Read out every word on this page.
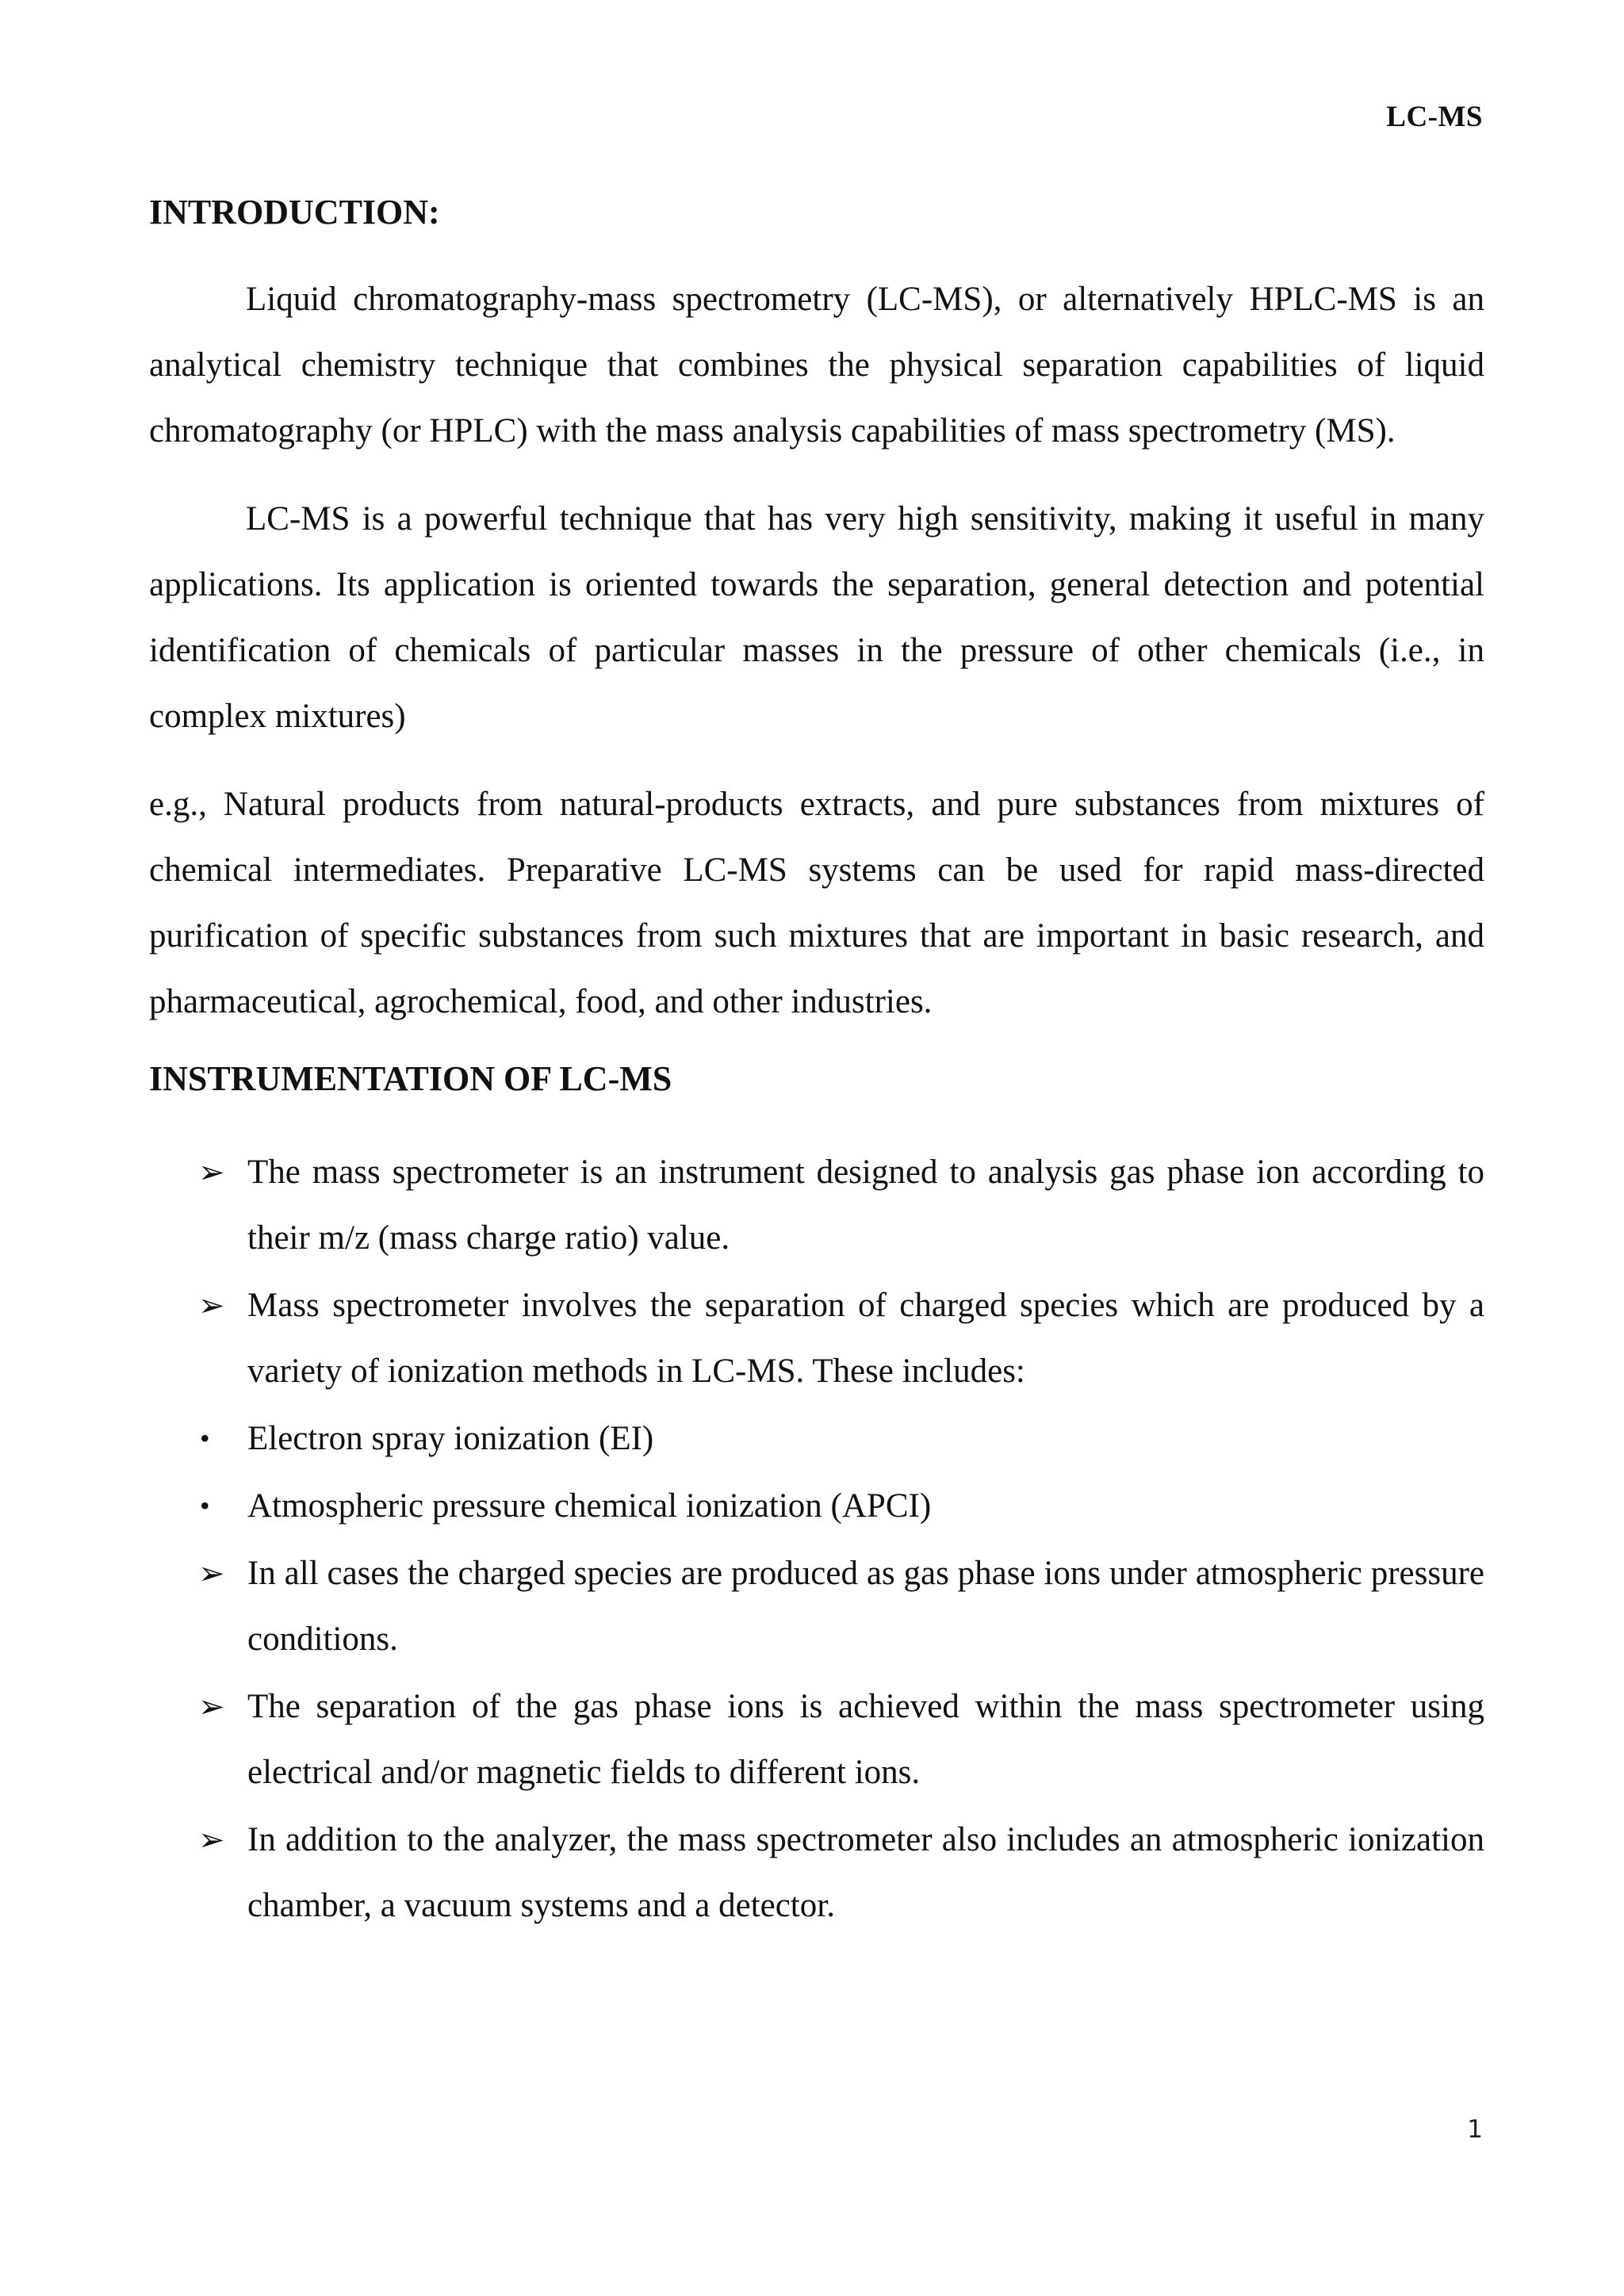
LC-MS
INTRODUCTION:

Liquid chromatography-mass spectrometry (LC-MS), or alternatively HPLC-MS is an analytical chemistry technique that combines the physical separation capabilities of liquid chromatography (or HPLC) with the mass analysis capabilities of mass spectrometry (MS).

LC-MS is a powerful technique that has very high sensitivity, making it useful in many applications. Its application is oriented towards the separation, general detection and potential identification of chemicals of particular masses in the pressure of other chemicals (i.e., in complex mixtures)

e.g., Natural products from natural-products extracts, and pure substances from mixtures of chemical intermediates. Preparative LC-MS systems can be used for rapid mass-directed purification of specific substances from such mixtures that are important in basic research, and pharmaceutical, agrochemical, food, and other industries.

INSTRUMENTATION OF LC-MS
➢ The mass spectrometer is an instrument designed to analysis gas phase ion according to their m/z (mass charge ratio) value.
➢ Mass spectrometer involves the separation of charged species which are produced by a variety of ionization methods in LC-MS. These includes:
•	Electron spray ionization (EI)
•	Atmospheric pressure chemical ionization (APCI)
➢ In all cases the charged species are produced as gas phase ions under atmospheric pressure conditions.
➢ The separation of the gas phase ions is achieved within the mass spectrometer using electrical and/or magnetic fields to different ions.
➢ In addition to the analyzer, the mass spectrometer also includes an atmospheric ionization chamber, a vacuum systems and a detector.
1
